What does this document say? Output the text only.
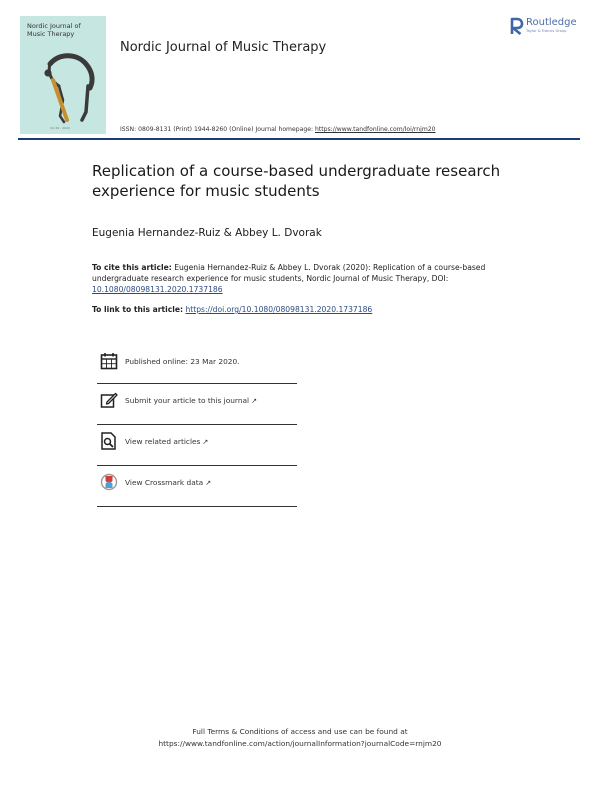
Nordic Journal of
Music Therapy
Vol 29 · 2020
Nordic Journal of Music Therapy
Routledge
Taylor & Francis Group
ISSN: 0809-8131 (Print) 1944-8260 (Online) Journal homepage: https://www.tandfonline.com/loi/rnjm20
Replication of a course-based undergraduate research experience for music students
Eugenia Hernandez-Ruiz & Abbey L. Dvorak
To cite this article: Eugenia Hernandez-Ruiz & Abbey L. Dvorak (2020): Replication of a course-based undergraduate research experience for music students, Nordic Journal of Music Therapy, DOI: 10.1080/08098131.2020.1737186
To link to this article: https://doi.org/10.1080/08098131.2020.1737186
Published online: 23 Mar 2020.
Submit your article to this journal ↗
View related articles ↗
View Crossmark data ↗
Full Terms & Conditions of access and use can be found at
https://www.tandfonline.com/action/journalInformation?journalCode=rnjm20
